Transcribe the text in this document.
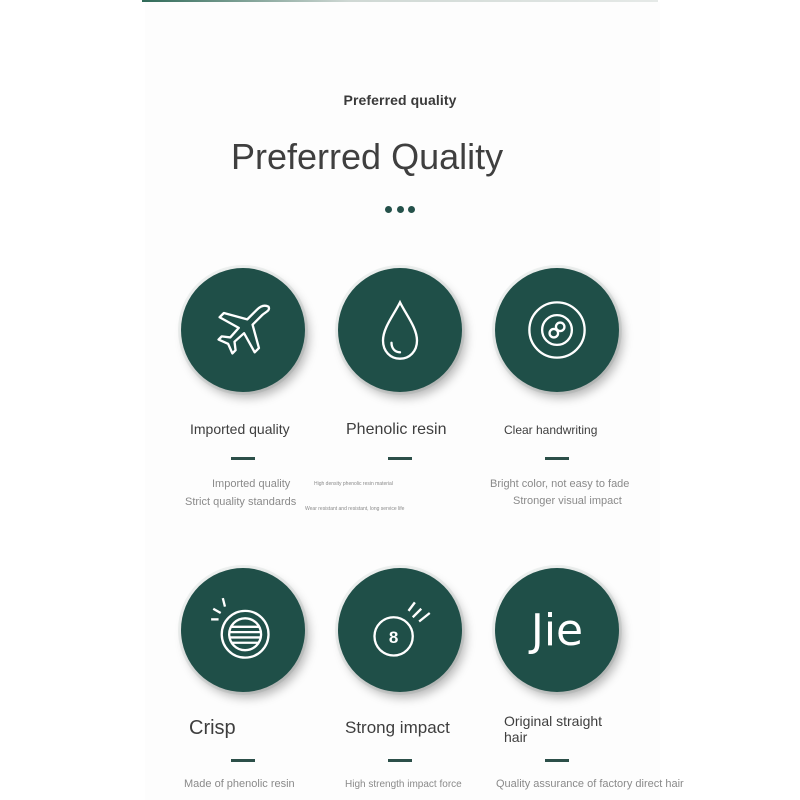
Preferred quality
Preferred Quality
Imported quality
Imported quality
Strict quality standards
Phenolic resin
High density phenolic resin material
Wear resistant and resistant, long service life
Clear handwriting
Bright color, not easy to fade
Stronger visual impact
Crisp
Made of phenolic resin
8
Strong impact
High strength impact force
Jie
Original straight
hair
Quality assurance of factory direct hair
